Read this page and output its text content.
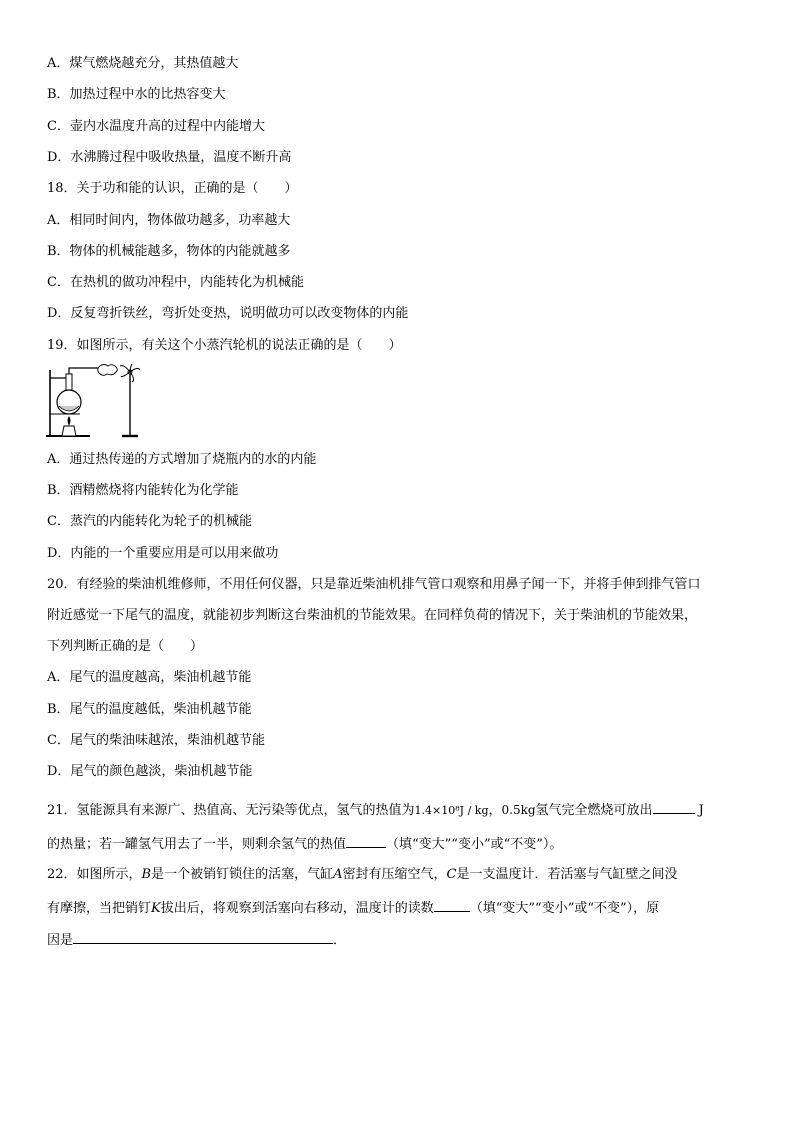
A．煤气燃烧越充分，其热值越大
B．加热过程中水的比热容变大
C．壶内水温度升高的过程中内能增大
D．水沸腾过程中吸收热量，温度不断升高
18．关于功和能的认识，正确的是（　　）
A．相同时间内，物体做功越多，功率越大
B．物体的机械能越多，物体的内能就越多
C．在热机的做功冲程中，内能转化为机械能
D．反复弯折铁丝，弯折处变热，说明做功可以改变物体的内能
19．如图所示，有关这个小蒸汽轮机的说法正确的是（　　）
A．通过热传递的方式增加了烧瓶内的水的内能
B．酒精燃烧将内能转化为化学能
C．蒸汽的内能转化为轮子的机械能
D．内能的一个重要应用是可以用来做功
20．有经验的柴油机维修师，不用任何仪器，只是靠近柴油机排气管口观察和用鼻子闻一下，并将手伸到排气管口
附近感觉一下尾气的温度，就能初步判断这台柴油机的节能效果。在同样负荷的情况下，关于柴油机的节能效果，
下列判断正确的是（　　）
A．尾气的温度越高，柴油机越节能
B．尾气的温度越低，柴油机越节能
C．尾气的柴油味越浓，柴油机越节能
D．尾气的颜色越淡，柴油机越节能
21．氢能源具有来源广、热值高、无污染等优点，氢气的热值为1.4×10⁸J / kg，0.5kg氢气完全燃烧可放出	J
的热量；若一罐氢气用去了一半，则剩余氢气的热值	（填“变大”“变小”或“不变”）。
22．如图所示，B是一个被销钉锁住的活塞，气缸A密封有压缩空气，C是一支温度计．若活塞与气缸壁之间没
有摩擦，当把销钉K拔出后，将观察到活塞向右移动，温度计的读数	（填“变大”“变小”或“不变”），原
因是	．
